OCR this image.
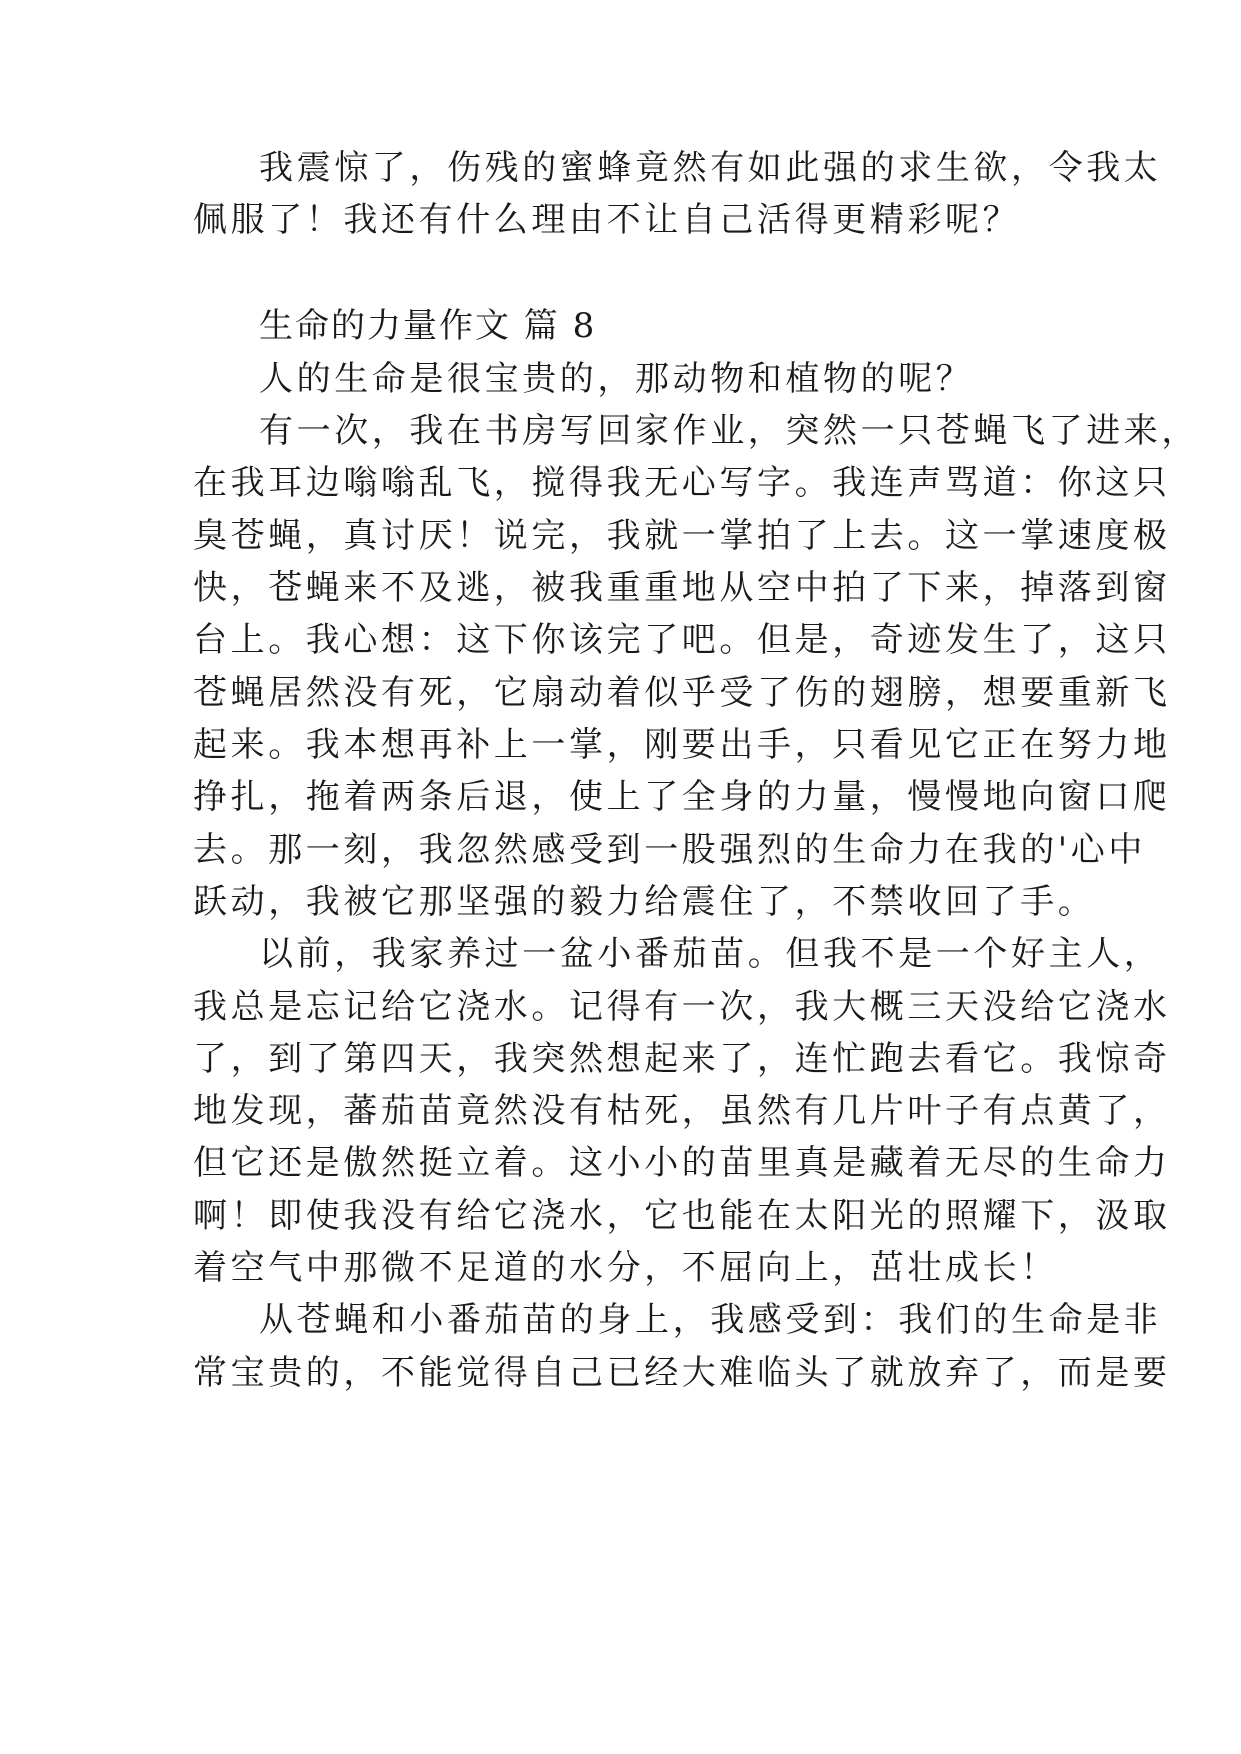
我震惊了，伤残的蜜蜂竟然有如此强的求生欲，令我太
佩服了！我还有什么理由不让自己活得更精彩呢？
生命的力量作文 篇 8
人的生命是很宝贵的，那动物和植物的呢？
有一次，我在书房写回家作业，突然一只苍蝇飞了进来，
在我耳边嗡嗡乱飞，搅得我无心写字。我连声骂道：你这只
臭苍蝇，真讨厌！说完，我就一掌拍了上去。这一掌速度极
快，苍蝇来不及逃，被我重重地从空中拍了下来，掉落到窗
台上。我心想：这下你该完了吧。但是，奇迹发生了，这只
苍蝇居然没有死，它扇动着似乎受了伤的翅膀，想要重新飞
起来。我本想再补上一掌，刚要出手，只看见它正在努力地
挣扎，拖着两条后退，使上了全身的力量，慢慢地向窗口爬
去。那一刻，我忽然感受到一股强烈的生命力在我的'心中
跃动，我被它那坚强的毅力给震住了，不禁收回了手。
以前，我家养过一盆小番茄苗。但我不是一个好主人，
我总是忘记给它浇水。记得有一次，我大概三天没给它浇水
了，到了第四天，我突然想起来了，连忙跑去看它。我惊奇
地发现，蕃茄苗竟然没有枯死，虽然有几片叶子有点黄了，
但它还是傲然挺立着。这小小的苗里真是藏着无尽的生命力
啊！即使我没有给它浇水，它也能在太阳光的照耀下，汲取
着空气中那微不足道的水分，不屈向上，茁壮成长！
从苍蝇和小番茄苗的身上，我感受到：我们的生命是非
常宝贵的，不能觉得自己已经大难临头了就放弃了，而是要
